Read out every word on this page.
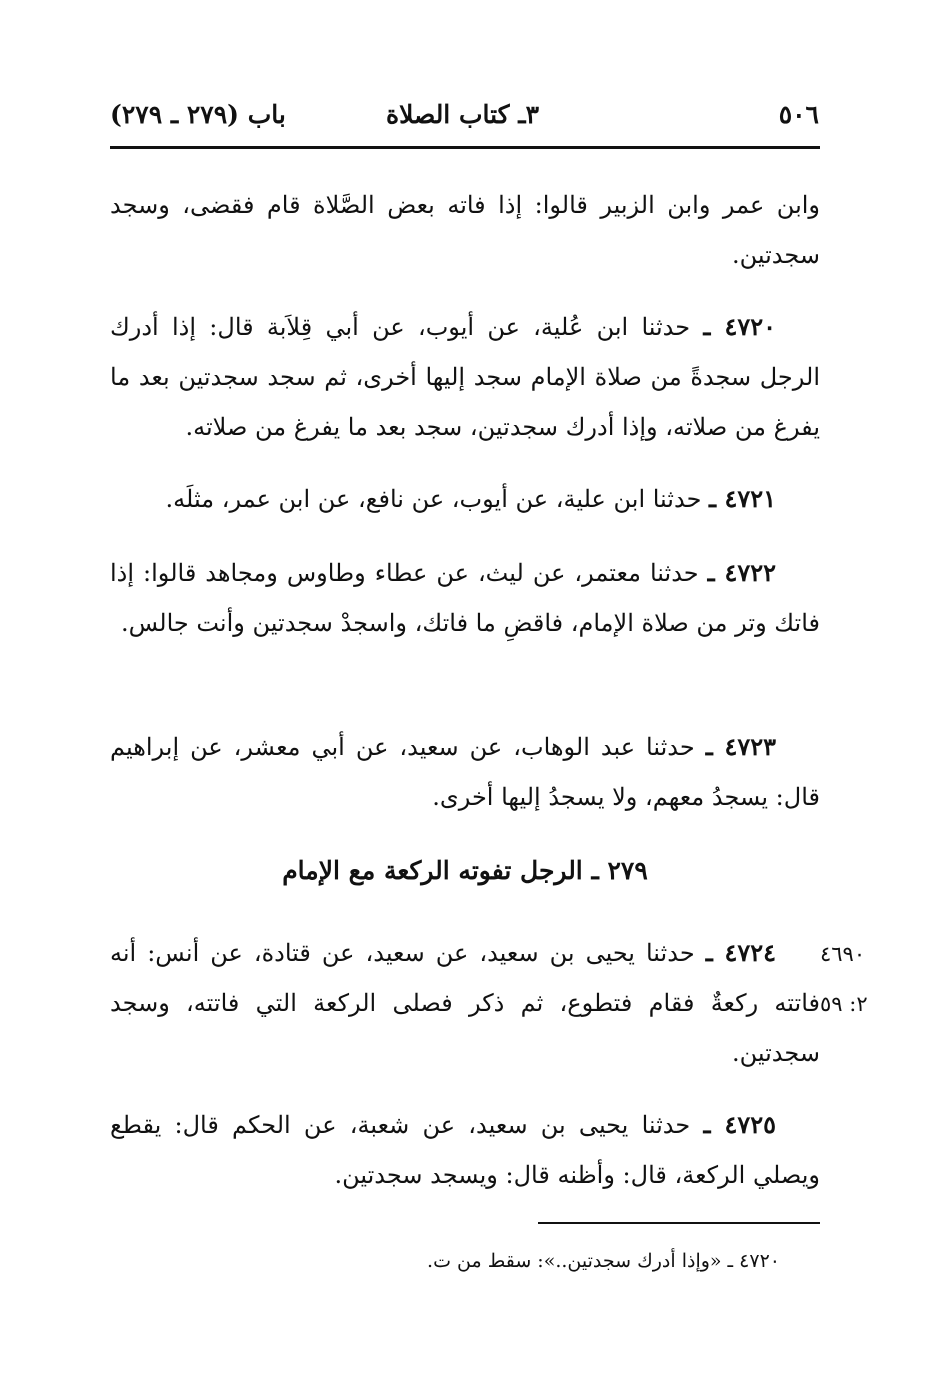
٥٠٦
٣ـ كتاب الصلاة
باب (٢٧٩ ـ ٢٧٩)

وابن عمر وابن الزبير قالوا: إذا فاته بعض الصَّلاة قام فقضى، وسجد سجدتين.

٤٧٢٠ ـ حدثنا ابن عُلية، عن أيوب، عن أبي قِلاَبة قال: إذا أدرك الرجل سجدةً من صلاة الإمام سجد إليها أخرى، ثم سجد سجدتين بعد ما يفرغ من صلاته، وإذا أدرك سجدتين، سجد بعد ما يفرغ من صلاته.

٤٧٢١ ـ حدثنا ابن علية، عن أيوب، عن نافع، عن ابن عمر، مثلَه.

٤٧٢٢ ـ حدثنا معتمر، عن ليث، عن عطاء وطاوس ومجاهد قالوا: إذا فاتك وتر من صلاة الإمام، فاقضِ ما فاتك، واسجدْ سجدتين وأنت جالس.

٤٧٢٣ ـ حدثنا عبد الوهاب، عن سعيد، عن أبي معشر، عن إبراهيم قال: يسجدُ معهم، ولا يسجدُ إليها أخرى.

٢٧٩ ـ الرجل تفوته الركعة مع الإمام

٤٧٢٤ ـ حدثنا يحيى بن سعيد، عن سعيد، عن قتادة، عن أنس: أنه فاتته ركعةٌ فقام فتطوع، ثم ذكر فصلى الركعة التي فاتته، وسجد سجدتين.

٤٦٩٠
٢: ٥٩

٤٧٢٥ ـ حدثنا يحيى بن سعيد، عن شعبة، عن الحكم قال: يقطع ويصلي الركعة، قال: وأظنه قال: ويسجد سجدتين.

٤٧٢٠ ـ «وإذا أدرك سجدتين..»: سقط من ت.
